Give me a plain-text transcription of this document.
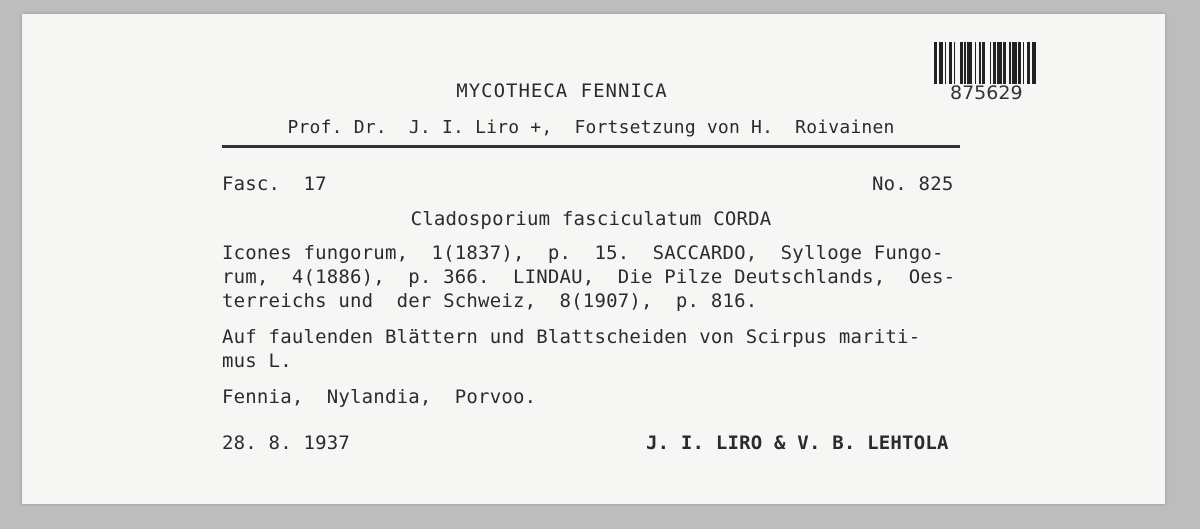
MYCOTHECA FENNICA
Prof. Dr.  J. I. Liro +,  Fortsetzung von H.  Roivainen
875629
Fasc.  17	No. 825
Cladosporium fasciculatum CORDA
Icones fungorum,  1(1837),  p.  15.  SACCARDO,  Sylloge Fungo-
rum,  4(1886),  p. 366.  LINDAU,  Die Pilze Deutschlands,  Oes-
terreichs und  der Schweiz,  8(1907),  p. 816.
Auf faulenden Blättern und Blattscheiden von Scirpus mariti-
mus L.
Fennia,  Nylandia,  Porvoo.
28. 8. 1937	J. I. LIRO & V. B. LEHTOLA
